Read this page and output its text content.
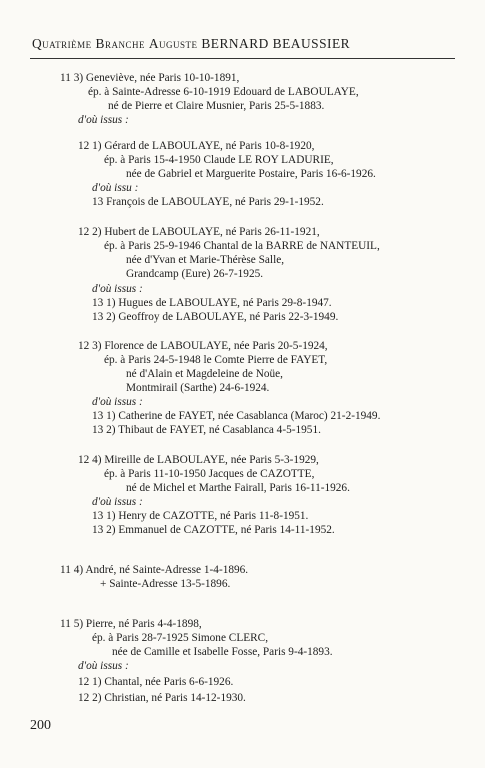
Quatrième Branche Auguste BERNARD BEAUSSIER
11 3) Geneviève, née Paris 10-10-1891,
ép. à Sainte-Adresse 6-10-1919 Edouard de LABOULAYE,
né de Pierre et Claire Musnier, Paris 25-5-1883.
d'où issus :
12 1) Gérard de LABOULAYE, né Paris 10-8-1920,
ép. à Paris 15-4-1950 Claude LE ROY LADURIE,
née de Gabriel et Marguerite Postaire, Paris 16-6-1926.
d'où issu :
13 François de LABOULAYE, né Paris 29-1-1952.
12 2) Hubert de LABOULAYE, né Paris 26-11-1921,
ép. à Paris 25-9-1946 Chantal de la BARRE de NANTEUIL,
née d'Yvan et Marie-Thérèse Salle,
Grandcamp (Eure) 26-7-1925.
d'où issus :
13 1) Hugues de LABOULAYE, né Paris 29-8-1947.
13 2) Geoffroy de LABOULAYE, né Paris 22-3-1949.
12 3) Florence de LABOULAYE, née Paris 20-5-1924,
ép. à Paris 24-5-1948 le Comte Pierre de FAYET,
né d'Alain et Magdeleine de Noüe,
Montmirail (Sarthe) 24-6-1924.
d'où issus :
13 1) Catherine de FAYET, née Casablanca (Maroc) 21-2-1949.
13 2) Thibaut de FAYET, né Casablanca 4-5-1951.
12 4) Mireille de LABOULAYE, née Paris 5-3-1929,
ép. à Paris 11-10-1950 Jacques de CAZOTTE,
né de Michel et Marthe Fairall, Paris 16-11-1926.
d'où issus :
13 1) Henry de CAZOTTE, né Paris 11-8-1951.
13 2) Emmanuel de CAZOTTE, né Paris 14-11-1952.
11 4) André, né Sainte-Adresse 1-4-1896.
+ Sainte-Adresse 13-5-1896.
11 5) Pierre, né Paris 4-4-1898,
ép. à Paris 28-7-1925 Simone CLERC,
née de Camille et Isabelle Fosse, Paris 9-4-1893.
d'où issus :
12 1) Chantal, née Paris 6-6-1926.
12 2) Christian, né Paris 14-12-1930.
200
